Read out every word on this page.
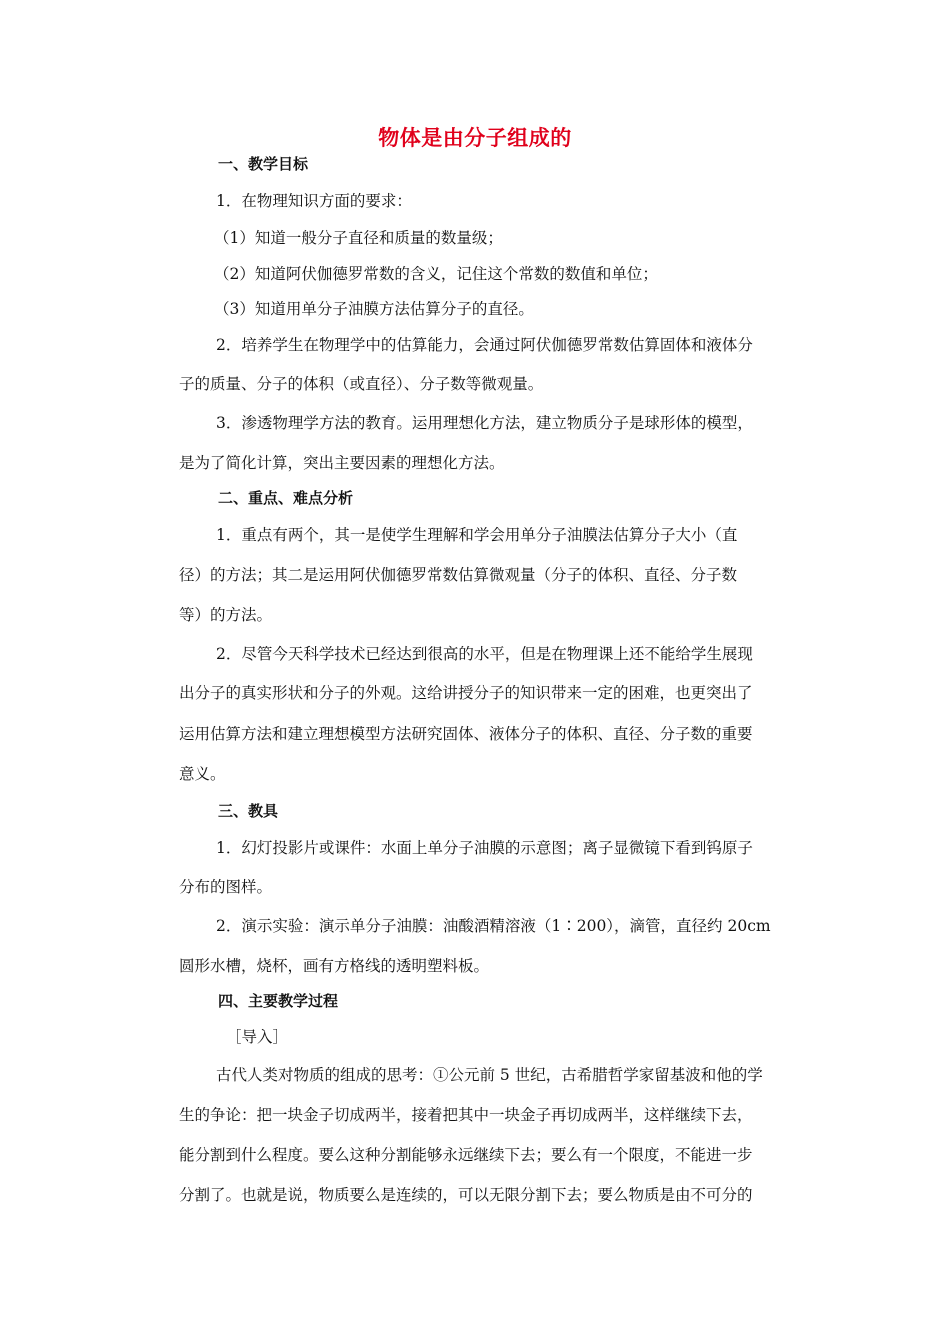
物体是由分子组成的
一、教学目标
1．在物理知识方面的要求：
（1）知道一般分子直径和质量的数量级；
（2）知道阿伏伽德罗常数的含义，记住这个常数的数值和单位；
（3）知道用单分子油膜方法估算分子的直径。
2．培养学生在物理学中的估算能力，会通过阿伏伽德罗常数估算固体和液体分
子的质量、分子的体积（或直径）、分子数等微观量。
3．渗透物理学方法的教育。运用理想化方法，建立物质分子是球形体的模型，
是为了简化计算，突出主要因素的理想化方法。
二、重点、难点分析
1．重点有两个，其一是使学生理解和学会用单分子油膜法估算分子大小（直
径）的方法；其二是运用阿伏伽德罗常数估算微观量（分子的体积、直径、分子数
等）的方法。
2．尽管今天科学技术已经达到很高的水平，但是在物理课上还不能给学生展现
出分子的真实形状和分子的外观。这给讲授分子的知识带来一定的困难，也更突出了
运用估算方法和建立理想模型方法研究固体、液体分子的体积、直径、分子数的重要
意义。
三、教具
1．幻灯投影片或课件：水面上单分子油膜的示意图；离子显微镜下看到钨原子
分布的图样。
2．演示实验：演示单分子油膜：油酸酒精溶液（1∶200），滴管，直径约 20cm
圆形水槽，烧杯，画有方格线的透明塑料板。
四、主要教学过程
［导入］
古代人类对物质的组成的思考：①公元前 5 世纪，古希腊哲学家留基波和他的学
生的争论：把一块金子切成两半，接着把其中一块金子再切成两半，这样继续下去，
能分割到什么程度。要么这种分割能够永远继续下去；要么有一个限度，不能进一步
分割了。也就是说，物质要么是连续的，可以无限分割下去；要么物质是由不可分的
